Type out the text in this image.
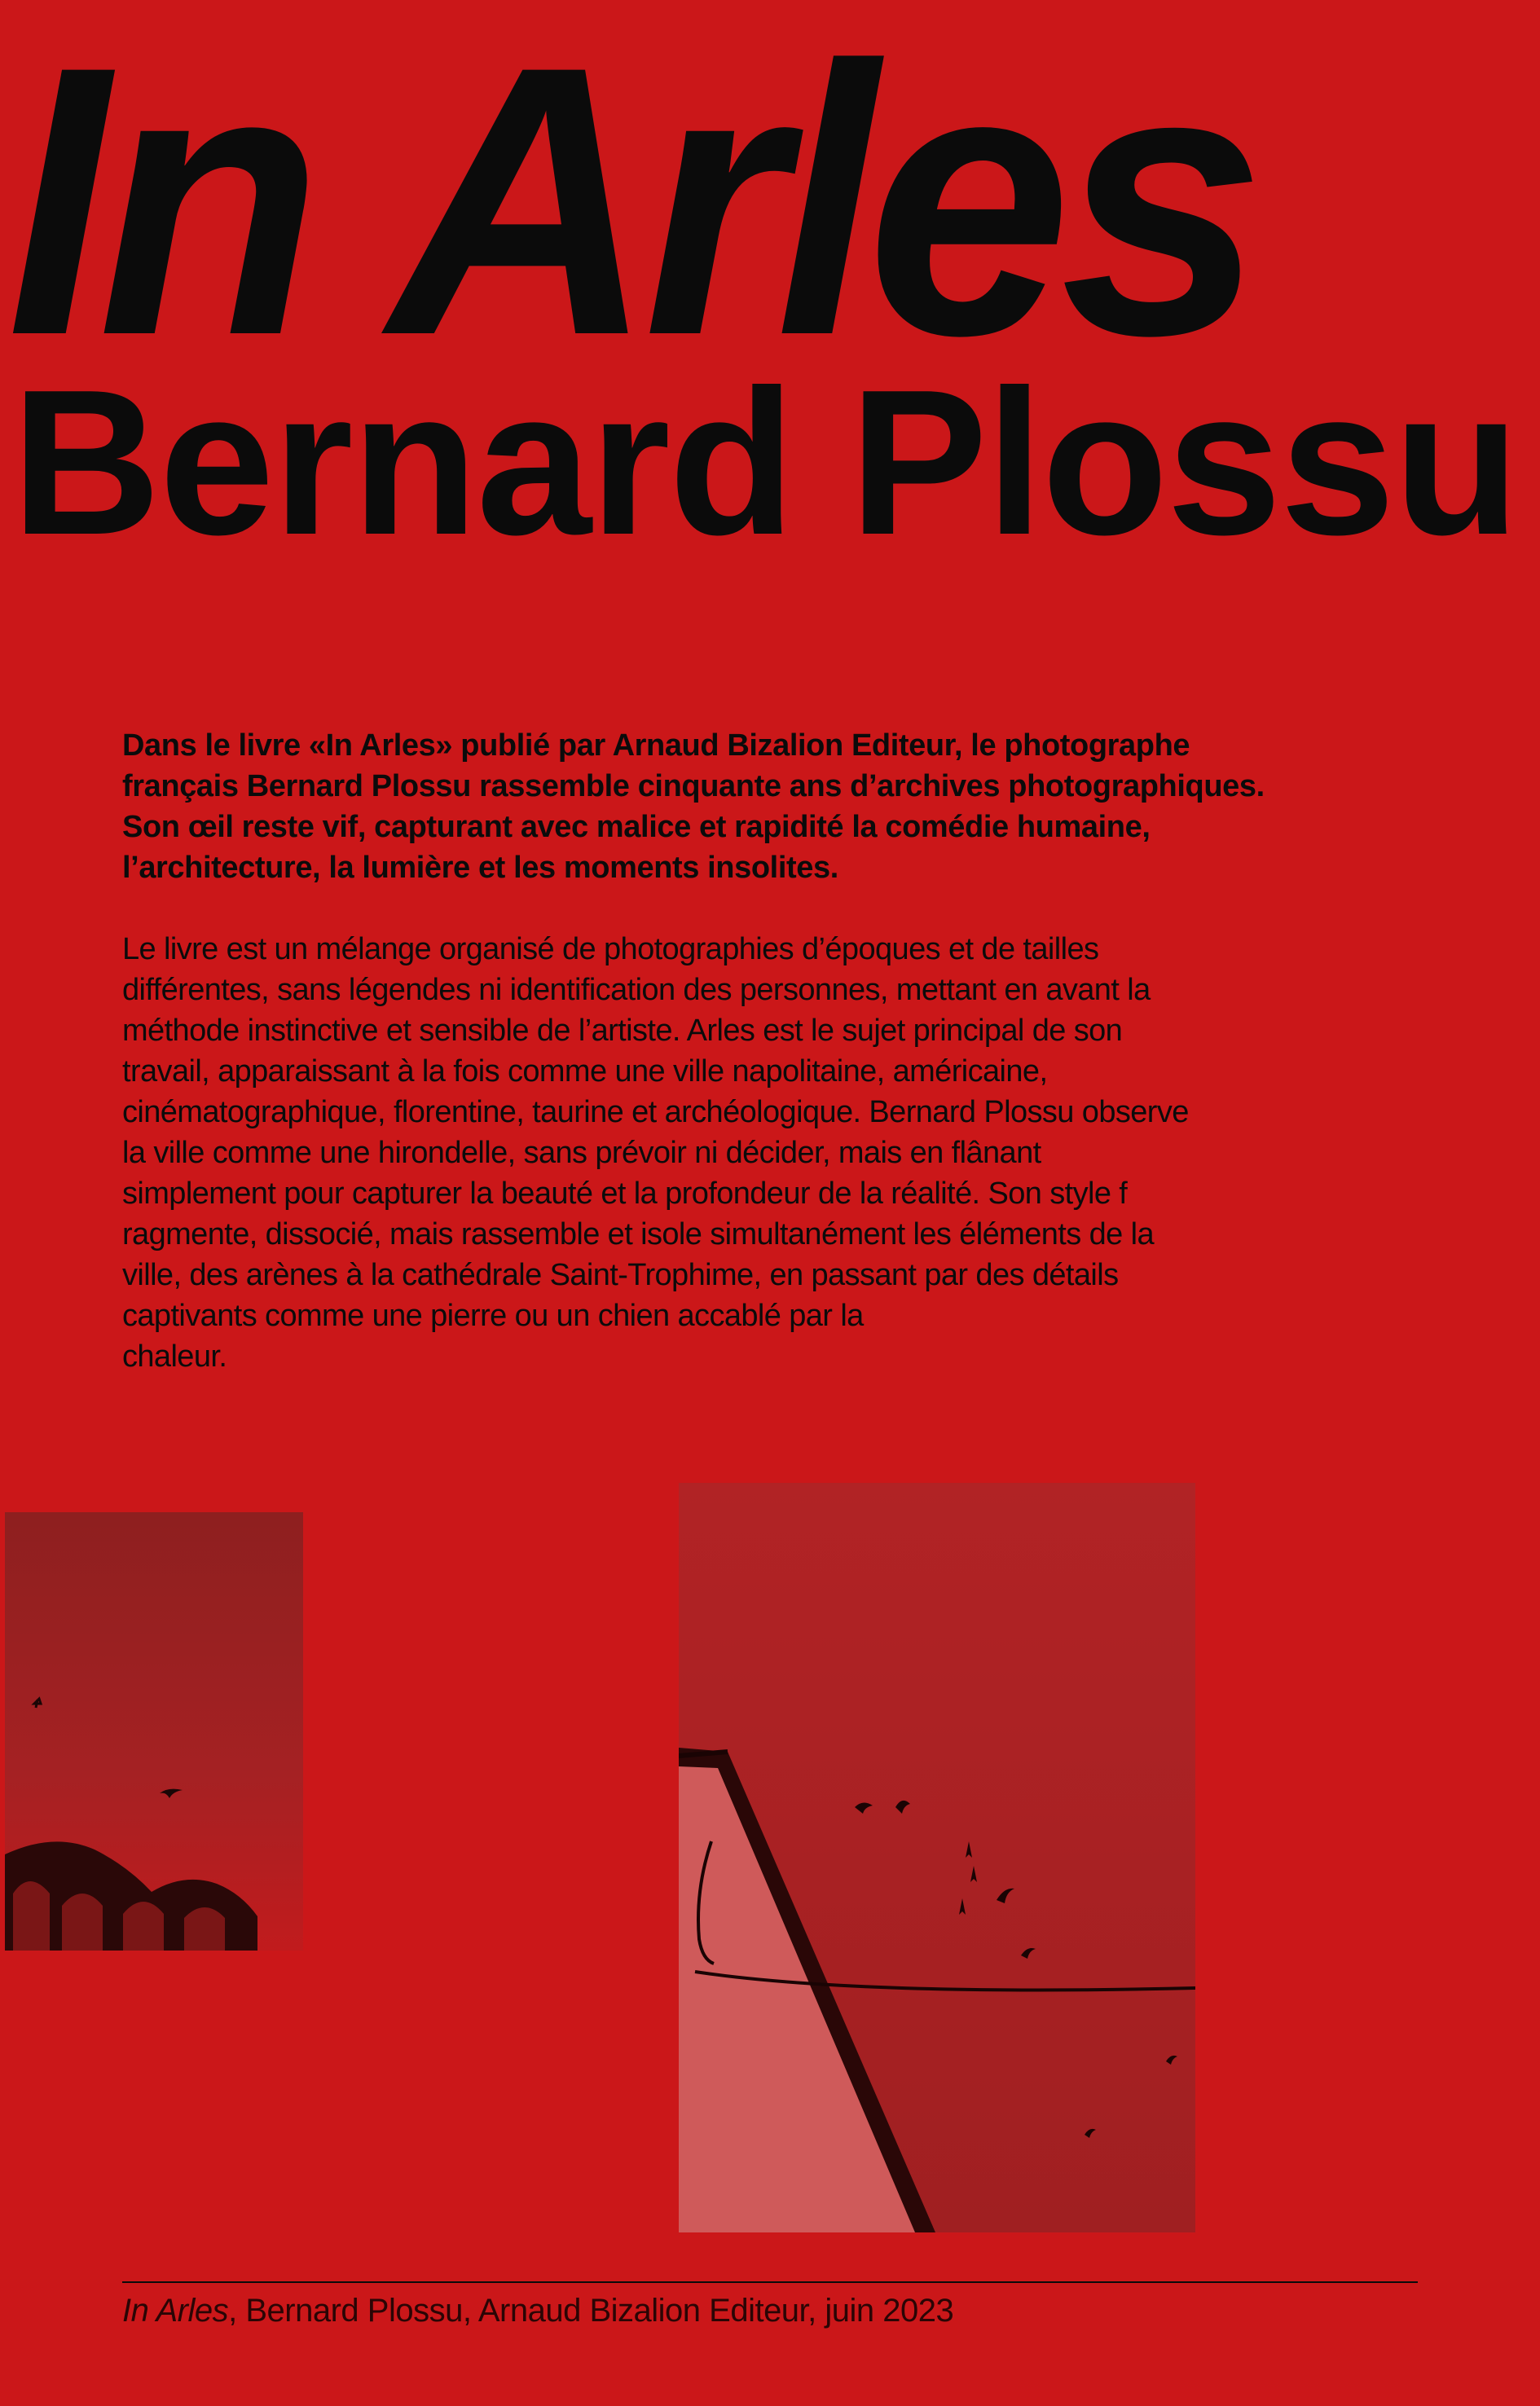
In Arles
Bernard Plossu

Dans le livre «In Arles» publié par Arnaud Bizalion Editeur, le photographe
français Bernard Plossu rassemble cinquante ans d’archives photographiques.
Son œil reste vif, capturant avec malice et rapidité la comédie humaine,
l’architecture, la lumière et les moments insolites.

Le livre est un mélange organisé de photographies d’époques et de tailles
différentes, sans légendes ni identification des personnes, mettant en avant la
méthode instinctive et sensible de l’artiste. Arles est le sujet principal de son
travail, apparaissant à la fois comme une ville napolitaine, américaine,
cinématographique, florentine, taurine et archéologique. Bernard Plossu observe
la ville comme une hirondelle, sans prévoir ni décider, mais en flânant
simplement pour capturer la beauté et la profondeur de la réalité. Son style f
ragmente, dissocié, mais rassemble et isole simultanément les éléments de la
ville, des arènes à la cathédrale Saint-Trophime, en passant par des détails
captivants comme une pierre ou un chien accablé par la
chaleur.

In Arles, Bernard Plossu, Arnaud Bizalion Editeur, juin 2023
